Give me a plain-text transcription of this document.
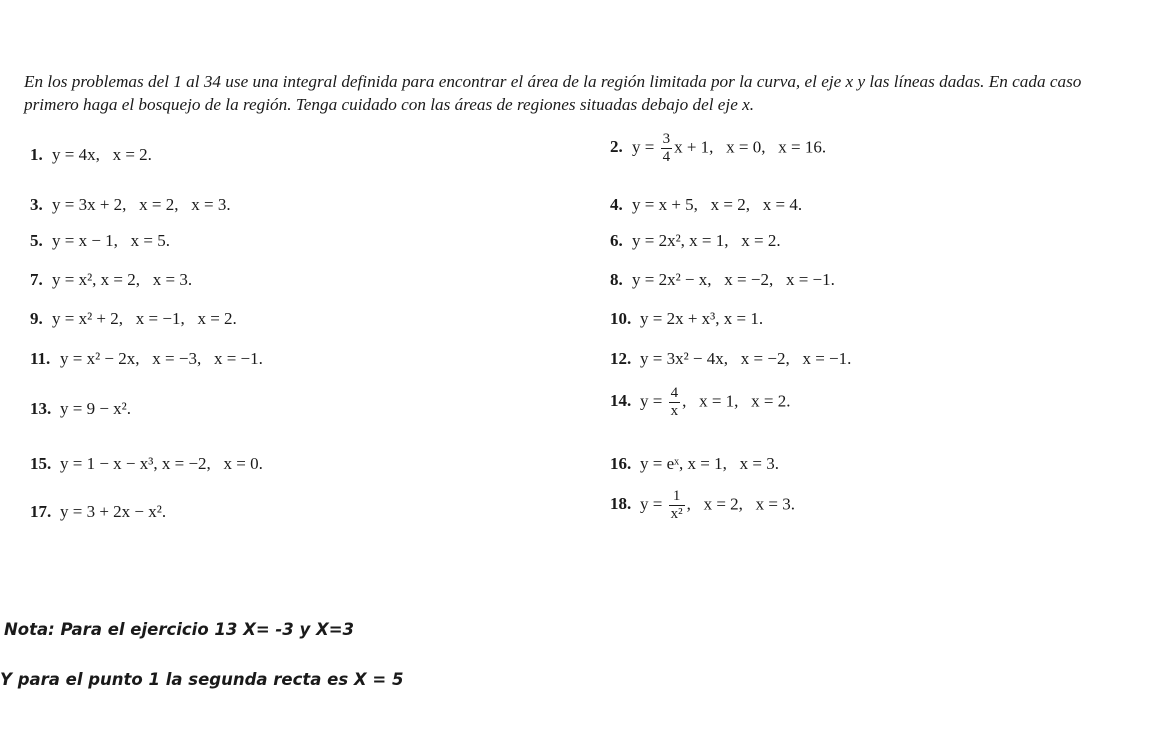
En los problemas del 1 al 34 use una integral definida para encontrar el área de la región limitada por la curva, el eje x y las líneas dadas. En cada caso primero haga el bosquejo de la región. Tenga cuidado con las áreas de regiones situadas debajo del eje x.

1. y = 4x,   x = 2.	2. $y = \frac{3}{4}$ x + 1,   x = 0,   x = 16.
3. y = 3x + 2,   x = 2,   x = 3.	4. y = x + 5,   x = 2,   x = 4.
5. y = x − 1,   x = 5.	6. y = 2x², x = 1,   x = 2.
7. y = x², x = 2,   x = 3.	8. y = 2x² − x,   x = −2,   x = −1.
9. y = x² + 2,   x = −1,   x = 2.	10. y = 2x + x³, x = 1.
11. y = x² − 2x,   x = −3,   x = −1.	12. y = 3x² − 4x,   x = −2,   x = −1.
13. y = 9 − x².	14. $y = \frac{4}{x}$ ,   x = 1,   x = 2.
15. y = 1 − x − x³, x = −2,   x = 0.	16. y = eˣ, x = 1,   x = 3.
17. y = 3 + 2x − x².	18. $y = \frac{1}{\text{x²}}$ ,   x = 2,   x = 3.
Nota: Para el ejercicio 13 X= -3 y X=3
Y para el punto 1 la segunda recta es X = 5
